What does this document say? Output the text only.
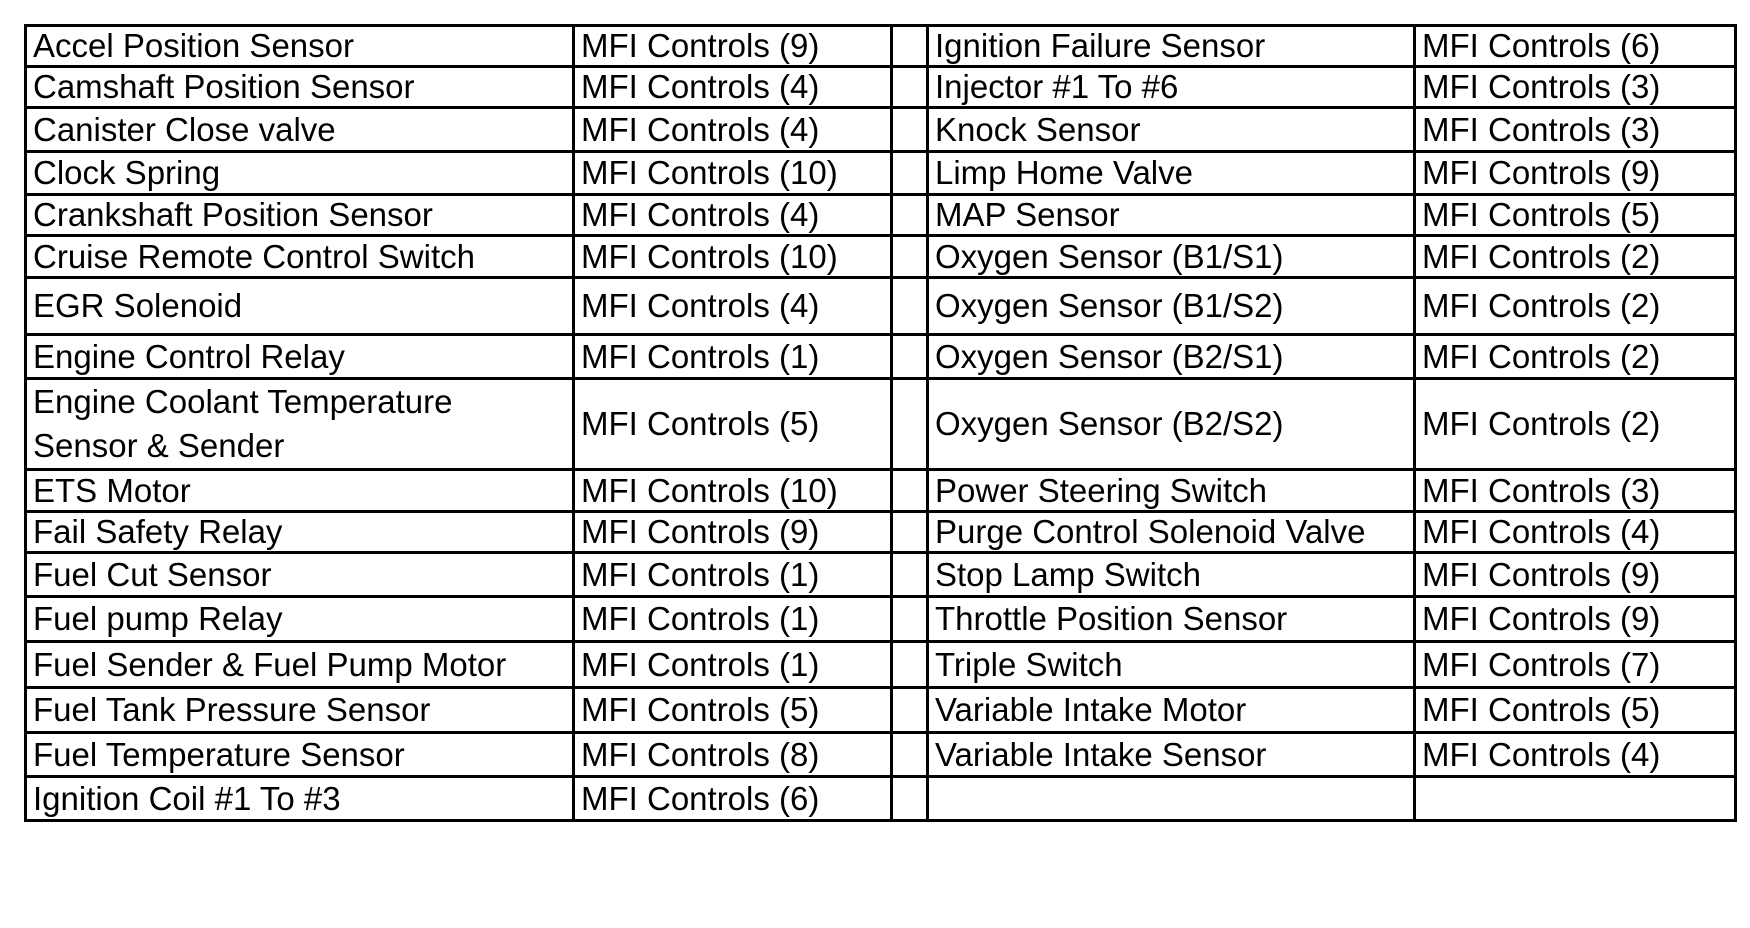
Accel Position Sensor	MFI Controls (9)		Ignition Failure Sensor	MFI Controls (6)
Camshaft Position Sensor	MFI Controls (4)		Injector #1 To #6	MFI Controls (3)
Canister Close valve	MFI Controls (4)		Knock Sensor	MFI Controls (3)
Clock Spring	MFI Controls (10)		Limp Home Valve	MFI Controls (9)
Crankshaft Position Sensor	MFI Controls (4)		MAP Sensor	MFI Controls (5)
Cruise Remote Control Switch	MFI Controls (10)		Oxygen Sensor (B1/S1)	MFI Controls (2)
EGR Solenoid	MFI Controls (4)		Oxygen Sensor (B1/S2)	MFI Controls (2)
Engine Control Relay	MFI Controls (1)		Oxygen Sensor (B2/S1)	MFI Controls (2)
Engine Coolant Temperature Sensor & Sender	MFI Controls (5)		Oxygen Sensor (B2/S2)	MFI Controls (2)
ETS Motor	MFI Controls (10)		Power Steering Switch	MFI Controls (3)
Fail Safety Relay	MFI Controls (9)		Purge Control Solenoid Valve	MFI Controls (4)
Fuel Cut Sensor	MFI Controls (1)		Stop Lamp Switch	MFI Controls (9)
Fuel pump Relay	MFI Controls (1)		Throttle Position Sensor	MFI Controls (9)
Fuel Sender & Fuel Pump Motor	MFI Controls (1)		Triple Switch	MFI Controls (7)
Fuel Tank Pressure Sensor	MFI Controls (5)		Variable Intake Motor	MFI Controls (5)
Fuel Temperature Sensor	MFI Controls (8)		Variable Intake Sensor	MFI Controls (4)
Ignition Coil #1 To #3	MFI Controls (6)			
